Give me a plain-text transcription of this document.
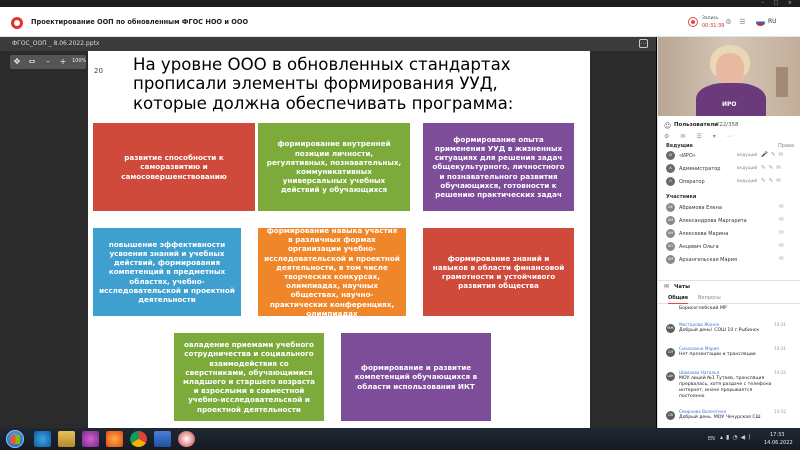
– □ ×
Проектирование ООП по обновленным ФГОС НОО и ООО	Запись
00:31:39 ⚙ ☰	RU
ФГОС_ООП _ 8.06.2022.pptx	⋯
✥	⇔	–	+	100%
20 На уровне ООО в обновленных стандартах прописали элементы формирования УУД, которые должна обеспечивать программа:
развитие способности к саморазвитию и самосовершенствованию
формирование внутренней позиции личности, регулятивных, познавательных, коммуникативных универсальных учебных действий у обучающихся
формирование опыта применения УУД в жизненных ситуациях для решения задач общекультурного, личностного и познавательного развития обучающихся, готовности к решению практических задач
повышение эффективности усвоения знаний и учебных действий, формирования компетенций в предметных областях, учебно-исследовательской и проектной деятельности
формирование навыка участия в различных формах организации учебно-исследовательской и проектной деятельности, в том числе творческих конкурсах, олимпиадах, научных обществах, научно-практических конференциях, олимпиадах
формирование знаний и навыков в области финансовой грамотности и устойчивого развития общества
овладение приемами учебного сотрудничества и социального взаимодействия со сверстниками, обучающимися младшего и старшего возраста и взрослыми в совместной учебно-исследовательской и проектной деятельности
формирование и развитие компетенций обучающихся в области использования ИКТ
ИРО
☺ Пользователи
222/358
⚙✉☰▾⋯
Ведущие	Права
И	«ИРО»	ведущий 🎤✎✉
А	Администратор	ведущий ✎✎✉
О	Оператор	ведущий ✎✎✉
Участники
АЕ	Абрамова Елена	✉
АМ	Александрова Маргарита	✉
АМ	Алексеева Марина	✉
АО	Анцевич Ольга	✉
АМ	Архангельская Мария	✉
✉ Чаты
Общие Вопросы
Борисоглебский МР
МЖ
Мостарова Жанна	14:31
Добрый день! СОШ 10 г.Рыбинск
СМ
Смахалина Мария	14:31
Нет презентации и трансляции
ШН
Шамаева Наталья	14:32
МОУ лицей №1 Тутаев, трансляция прервалась, хотя раздаче с телефона интернет, иначе прерывается постоянно
СВ
Смирнова Валентина	14:32
Добрый день. МОУ Чечурская СШ
EN ▴▮◔◀)	17:33
14.06.2022
